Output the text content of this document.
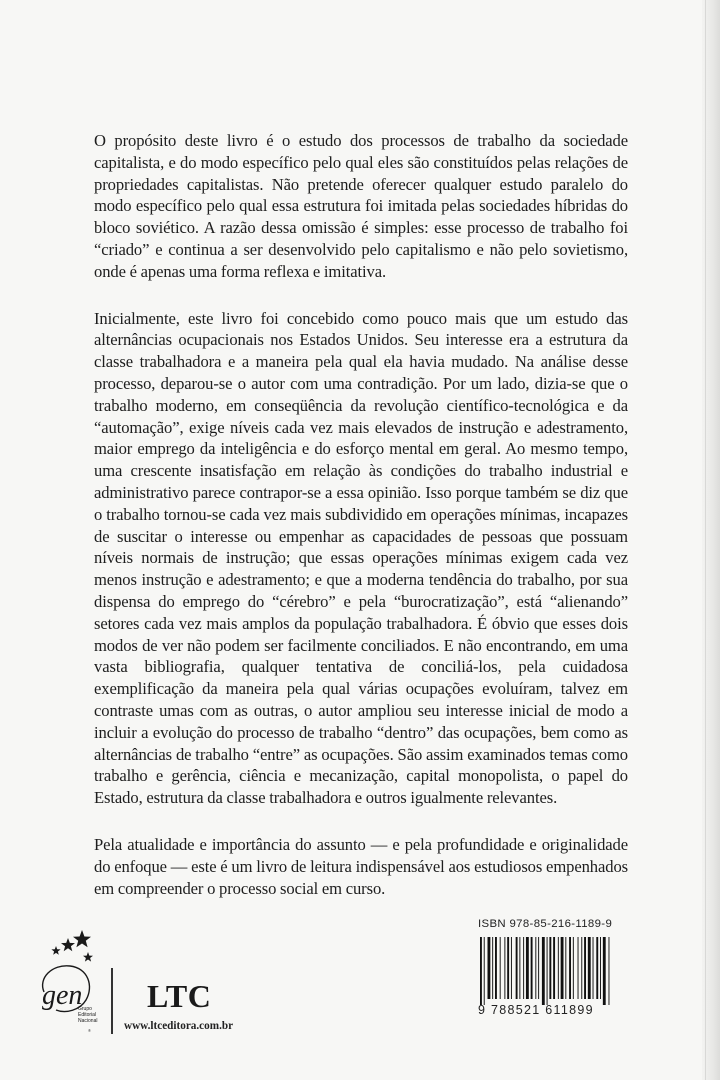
O propósito deste livro é o estudo dos processos de trabalho da sociedade capitalista, e do modo específico pelo qual eles são constituídos pelas relações de propriedades capitalistas. Não pretende oferecer qualquer estudo paralelo do modo específico pelo qual essa estrutura foi imitada pelas sociedades híbridas do bloco soviético. A razão dessa omissão é simples: esse processo de trabalho foi “criado” e continua a ser desenvolvido pelo capitalismo e não pelo sovietismo, onde é apenas uma forma reflexa e imitativa.

Inicialmente, este livro foi concebido como pouco mais que um estudo das alternâncias ocupacionais nos Estados Unidos. Seu interesse era a estrutura da classe trabalhadora e a maneira pela qual ela havia mudado. Na análise desse processo, deparou-se o autor com uma contradição. Por um lado, dizia-se que o trabalho moderno, em conseqüência da revolução científico-tecnológica e da “automação”, exige níveis cada vez mais elevados de instrução e adestramento, maior emprego da inteligência e do esforço mental em geral. Ao mesmo tempo, uma crescente insatisfação em relação às condições do trabalho industrial e administrativo parece contrapor-se a essa opinião. Isso porque também se diz que o trabalho tornou-se cada vez mais subdividido em operações mínimas, incapazes de suscitar o interesse ou empenhar as capacidades de pessoas que possuam níveis normais de instrução; que essas operações mínimas exigem cada vez menos instrução e adestramento; e que a moderna tendência do trabalho, por sua dispensa do emprego do “cérebro” e pela “burocratização”, está “alienando” setores cada vez mais amplos da população trabalhadora. É óbvio que esses dois modos de ver não podem ser facilmente conciliados. E não encontrando, em uma vasta bibliografia, qualquer tentativa de conciliá-los, pela cuidadosa exemplificação da maneira pela qual várias ocupações evoluíram, talvez em contraste umas com as outras, o autor ampliou seu interesse inicial de modo a incluir a evolução do processo de trabalho “dentro” das ocupações, bem como as alternâncias de trabalho “entre” as ocupações. São assim examinados temas como trabalho e gerência, ciência e mecanização, capital monopolista, o papel do Estado, estrutura da classe trabalhadora e outros igualmente relevantes.

Pela atualidade e importância do assunto — e pela profundidade e originalidade do enfoque — este é um livro de leitura indispensável aos estudiosos empenhados em compreender o processo social em curso.

ISBN 978-85-216-1189-9
9 788521 611899
gen
Grupo Editorial Nacional
®
LTC
www.ltceditora.com.br
